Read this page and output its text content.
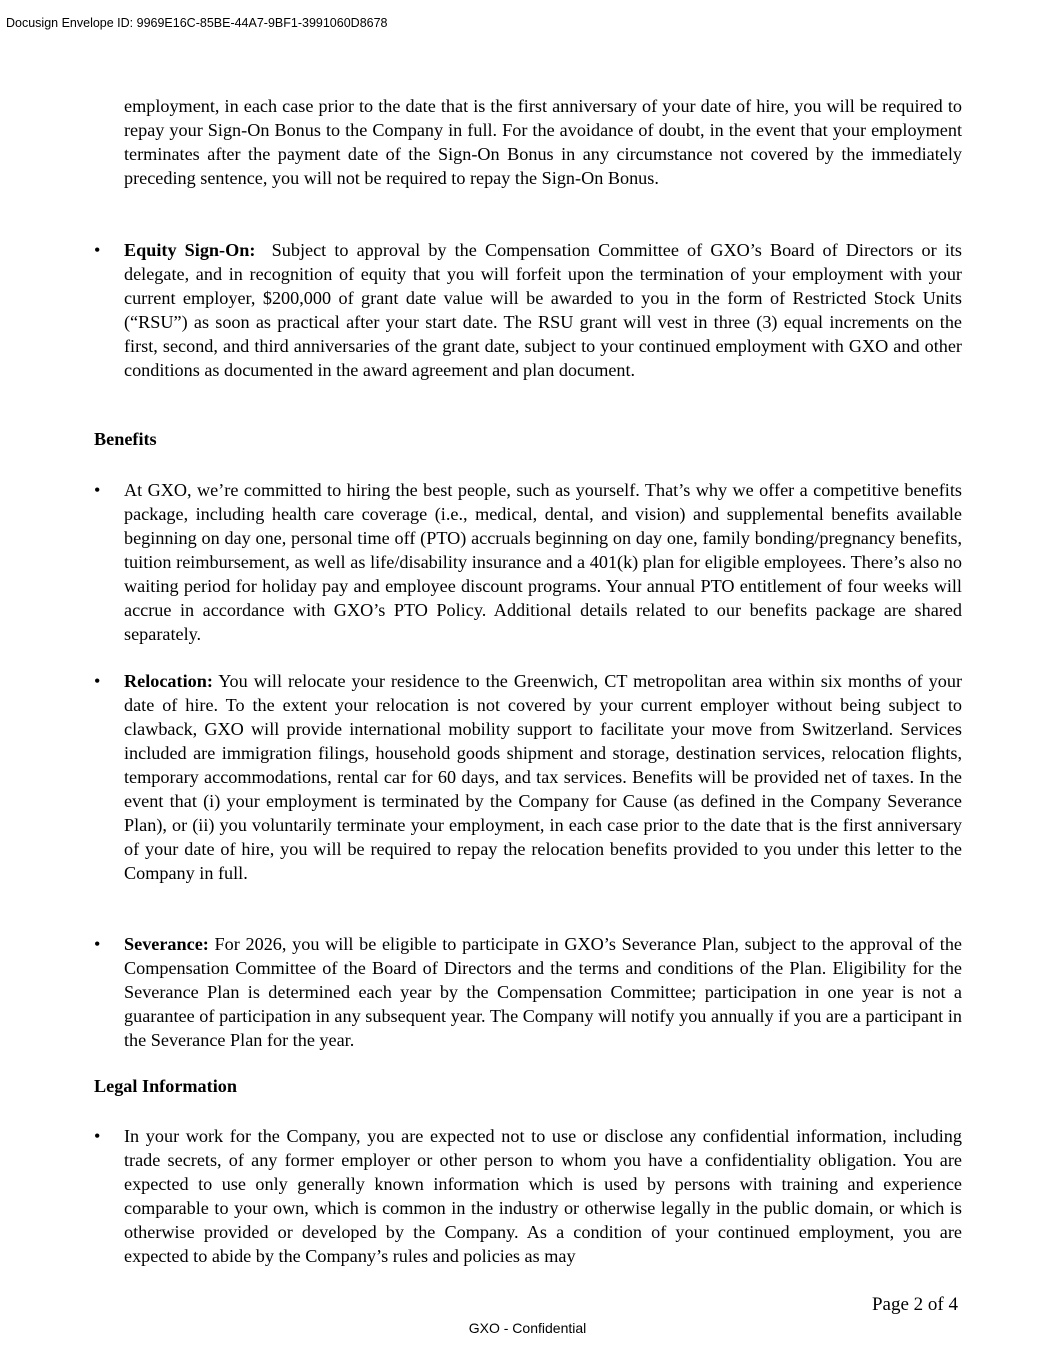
Docusign Envelope ID: 9969E16C-85BE-44A7-9BF1-3991060D8678
employment, in each case prior to the date that is the first anniversary of your date of hire, you will be required to repay your Sign-On Bonus to the Company in full. For the avoidance of doubt, in the event that your employment terminates after the payment date of the Sign-On Bonus in any circumstance not covered by the immediately preceding sentence, you will not be required to repay the Sign-On Bonus.
• Equity Sign-On: Subject to approval by the Compensation Committee of GXO’s Board of Directors or its delegate, and in recognition of equity that you will forfeit upon the termination of your employment with your current employer, $200,000 of grant date value will be awarded to you in the form of Restricted Stock Units (“RSU”) as soon as practical after your start date. The RSU grant will vest in three (3) equal increments on the first, second, and third anniversaries of the grant date, subject to your continued employment with GXO and other conditions as documented in the award agreement and plan document.
Benefits
• At GXO, we’re committed to hiring the best people, such as yourself. That’s why we offer a competitive benefits package, including health care coverage (i.e., medical, dental, and vision) and supplemental benefits available beginning on day one, personal time off (PTO) accruals beginning on day one, family bonding/pregnancy benefits, tuition reimbursement, as well as life/disability insurance and a 401(k) plan for eligible employees. There’s also no waiting period for holiday pay and employee discount programs. Your annual PTO entitlement of four weeks will accrue in accordance with GXO’s PTO Policy. Additional details related to our benefits package are shared separately.
• Relocation: You will relocate your residence to the Greenwich, CT metropolitan area within six months of your date of hire. To the extent your relocation is not covered by your current employer without being subject to clawback, GXO will provide international mobility support to facilitate your move from Switzerland. Services included are immigration filings, household goods shipment and storage, destination services, relocation flights, temporary accommodations, rental car for 60 days, and tax services. Benefits will be provided net of taxes. In the event that (i) your employment is terminated by the Company for Cause (as defined in the Company Severance Plan), or (ii) you voluntarily terminate your employment, in each case prior to the date that is the first anniversary of your date of hire, you will be required to repay the relocation benefits provided to you under this letter to the Company in full.
• Severance: For 2026, you will be eligible to participate in GXO’s Severance Plan, subject to the approval of the Compensation Committee of the Board of Directors and the terms and conditions of the Plan. Eligibility for the Severance Plan is determined each year by the Compensation Committee; participation in one year is not a guarantee of participation in any subsequent year. The Company will notify you annually if you are a participant in the Severance Plan for the year.
Legal Information
• In your work for the Company, you are expected not to use or disclose any confidential information, including trade secrets, of any former employer or other person to whom you have a confidentiality obligation. You are expected to use only generally known information which is used by persons with training and experience comparable to your own, which is common in the industry or otherwise legally in the public domain, or which is otherwise provided or developed by the Company. As a condition of your continued employment, you are expected to abide by the Company’s rules and policies as may
Page 2 of 4
GXO - Confidential
